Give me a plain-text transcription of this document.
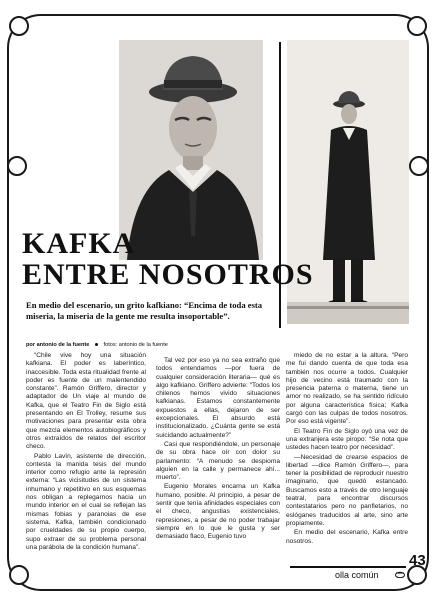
KAFKA
ENTRE NOSOTROS
En medio del escenario, un grito kafkiano: “Encima de toda esta miseria, la miseria de la gente me resulta insoportable”.
por antonio de la fuente	fotos: antonio de la fuente

“Chile vive hoy una situación kafkiana. El poder es laberíntico, inaccesible. Toda esta ritualidad frente al poder es fuente de un malentendido constante”. Ramón Griffero, director y adaptador de Un viaje al mundo de Kafka, que el Teatro Fin de Siglo está presentando en El Trolley, resume sus motivaciones para presentar esta obra que mezcla elementos autobiográficos y otros extraídos de relatos del escritor checo.

Pablo Lavín, asistente de dirección, contesta la manida tesis del mundo interior como refugio ante la represión externa: “Las vicisitudes de un sistema inhumano y repetitivo en sus esquemas nos obligan a replegarnos hacia un mundo interior en el cual se reflejan las mismas fobias y paranoias de ese sistema. Kafka, también condicionado por crueldades de su propio cuerpo, supo extraer de su problema personal una parábola de la condición humana”.

Tal vez por eso ya no sea extraño que todos entendamos —por fuera de cualquier consideración literaria— qué es algo kafkiano. Griffero advierte: “Todos los chilenos hemos vivido situaciones kafkianas. Estamos constantemente expuestos a ellas, dejaron de ser excepcionales. El absurdo está institucionalizado. ¿Cuánta gente se está suicidando actualmente?”

Casi que respondiéndole, un personaje de su obra hace oír con dolor su parlamento: “A menudo se despioma alguien en la calle y permanece ahí... muerto”.

Eugenio Morales encarna un Kafka humano, posible. Al principio, a pesar de sentir que tenía afinidades especiales con el checo, angustias existenciales, represiones, a pesar de no poder trabajar siempre en lo que le gusta y ser demasiado flaco, Eugenio tuvo

miedo de no estar a la altura. “Pero me fui dando cuenta de que toda esa también nos ocurre a todos. Cualquier hijo de vecino está traumado con la presencia paterna o materna, tiene un amor no realizado, se ha sentido ridículo por alguna característica física; Kafka cargó con las culpas de todos nosotros. Por eso está vigente”.

El Teatro Fin de Siglo oyó una vez de una extranjera este piropo: “Se nota que ustedes hacen teatro por necesidad”.

—Necesidad de crearse espacios de libertad —dice Ramón Griffero—, para tener la posibilidad de reproducir nuestro imaginario, que quedó estancado. Buscamos esto a través de otro lenguaje teatral, para encontrar discursos contestatarios pero no panfletarios, no eslóganes traducidos al arte, sino arte propiamente.

En medio del escenario, Kafka entre nosotros.

43
olla común
